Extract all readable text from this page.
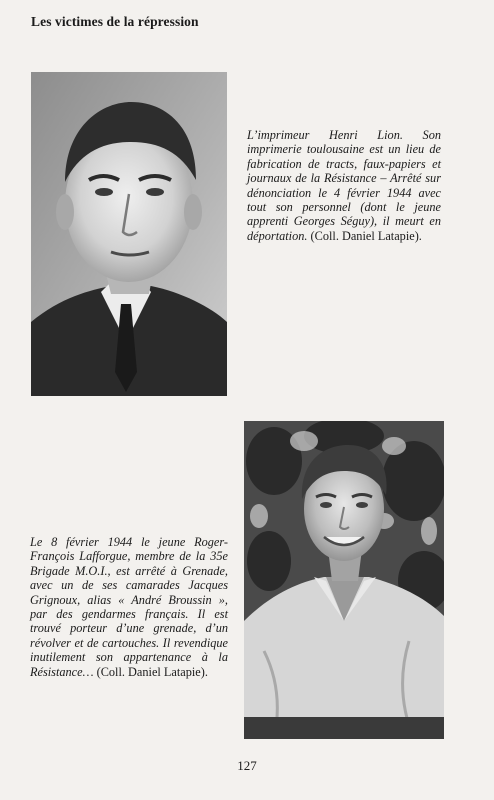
Les victimes de la répression
L’imprimeur Henri Lion. Son imprimerie toulousaine est un lieu de fabrication de tracts, faux-papiers et journaux de la Résistance – Arrêté sur dénonciation le 4 février 1944 avec tout son personnel (dont le jeune apprenti Georges Séguy), il meurt en déportation. (Coll. Daniel Latapie).
Le 8 février 1944 le jeune Roger-François Lafforgue, membre de la 35e Brigade M.O.I., est arrêté à Grenade, avec un de ses camarades Jacques Grignoux, alias « André Broussin », par des gendarmes français. Il est trouvé porteur d’une grenade, d’un révolver et de cartouches. Il revendique inutilement son appartenance à la Résistance… (Coll. Daniel Latapie).
127
